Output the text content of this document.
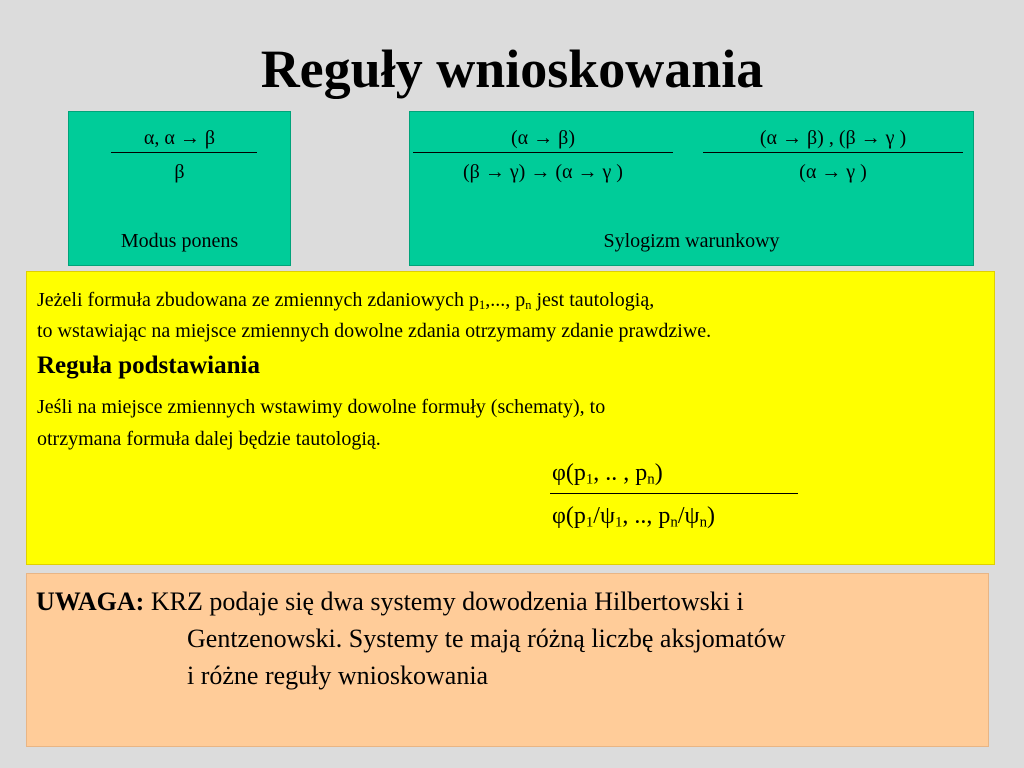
Reguły wnioskowania
α, α → β
β
Modus ponens
(α → β)
(β → γ) → (α → γ )
(α → β) , (β → γ )
(α → γ )
Sylogizm warunkowy
Jeżeli formuła zbudowana ze zmiennych zdaniowych $p_1$,..., $p_n$ jest tautologią,
to wstawiając na miejsce zmiennych dowolne zdania otrzymamy zdanie prawdziwe.
Reguła podstawiania
Jeśli na miejsce zmiennych wstawimy dowolne formuły (schematy), to
otrzymana formuła dalej będzie tautologią.
$\varphi(p_1$, .. , $p_n$)
$\varphi(p_1/\psi_1$, .., $p_n/\psi_n$)
UWAGA: KRZ podaje się dwa systemy dowodzenia Hilbertowski i
Gentzenowski. Systemy te mają różną liczbę aksjomatów
i różne reguły wnioskowania
